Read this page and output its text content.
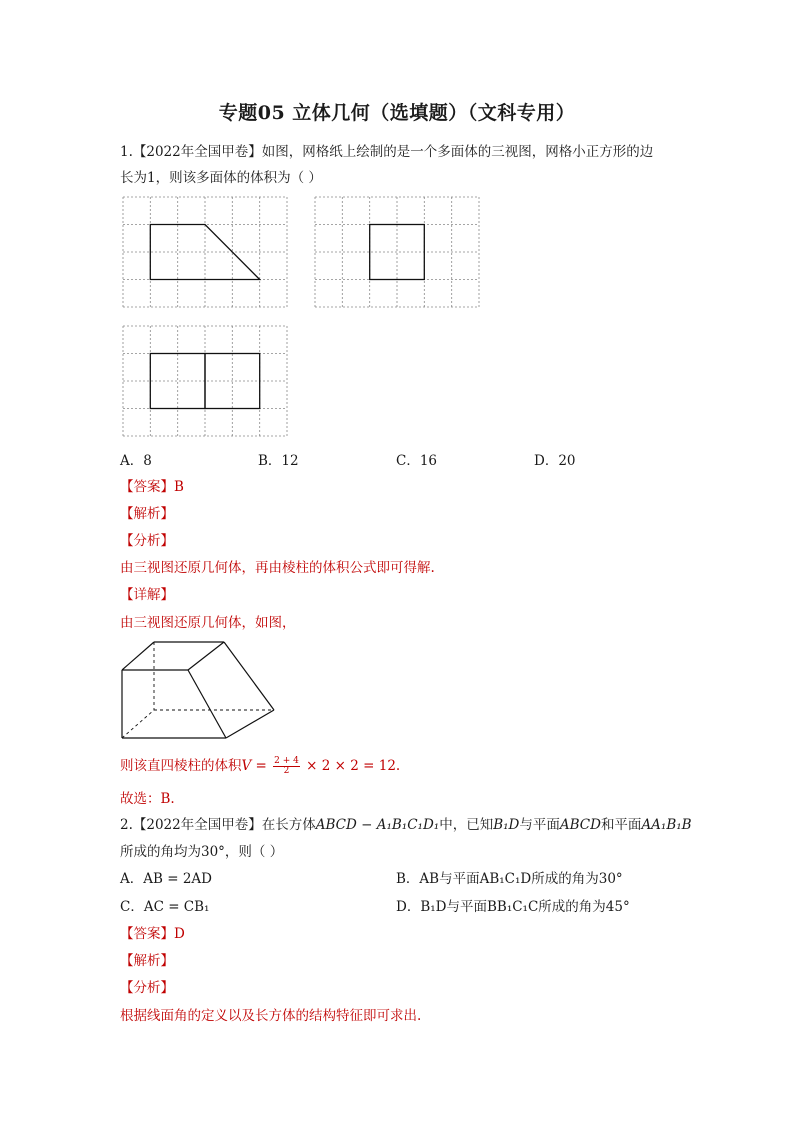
专题05 立体几何（选填题）（文科专用）
1.【2022年全国甲卷】如图，网格纸上绘制的是一个多面体的三视图，网格小正方形的边
长为1，则该多面体的体积为（ ）
A．8	B．12	C．16	D．20
【答案】B
【解析】
【分析】
由三视图还原几何体，再由棱柱的体积公式即可得解.
【详解】
由三视图还原几何体，如图，
则该直四棱柱的体积$V = \frac{2 + 4}{2} \times 2 \times 2 = 12$.
故选：B.
2.【2022年全国甲卷】在长方体ABCD − A₁B₁C₁D₁中，已知B₁D与平面ABCD和平面AA₁B₁B
所成的角均为30°，则（ ）
A．AB = 2AD	B．AB与平面AB₁C₁D所成的角为30°
C．AC = CB₁	D．B₁D与平面BB₁C₁C所成的角为45°
【答案】D
【解析】
【分析】
根据线面角的定义以及长方体的结构特征即可求出.
